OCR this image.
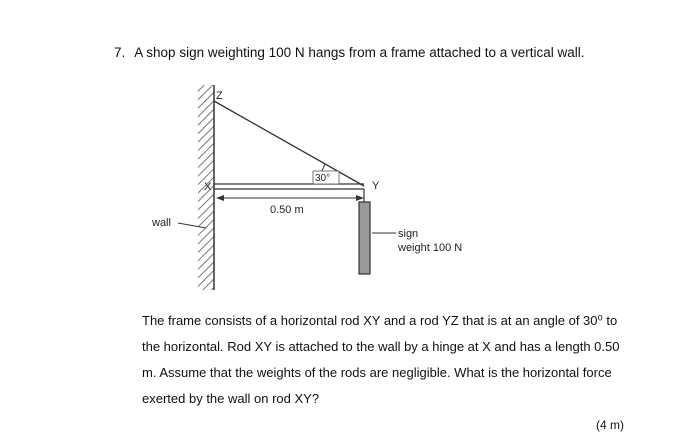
7. A shop sign weighting 100 N hangs from a frame attached to a vertical wall.
wall
30°
Z
X	Y
0.50 m
sign
weight 100 N

The frame consists of a horizontal rod XY and a rod YZ that is at an angle of 30⁰ to

the horizontal. Rod XY is attached to the wall by a hinge at X and has a length 0.50

m. Assume that the weights of the rods are negligible. What is the horizontal force

exerted by the wall on rod XY?

(4 m)
